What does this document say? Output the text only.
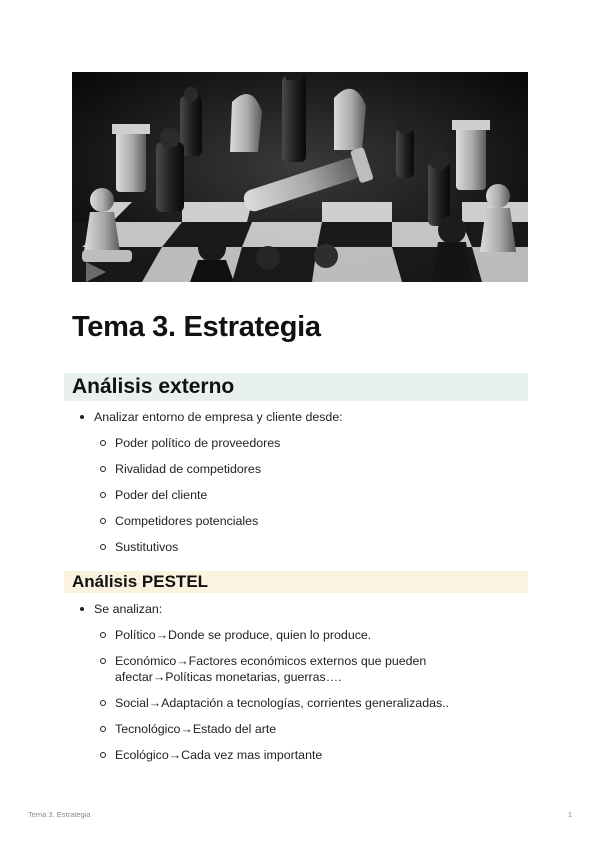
Tema 3. Estrategia
Análisis externo
Analizar entorno de empresa y cliente desde:
Poder político de proveedores
Rivalidad de competidores
Poder del cliente
Competidores potenciales
Sustitutivos
Análisis PESTEL
Se analizan:
Político→Donde se produce, quien lo produce.
Económico→Factores económicos externos que pueden afectar→Políticas monetarias, guerras….
Social→Adaptación a tecnologías, corrientes generalizadas..
Tecnológico→Estado del arte
Ecológico→Cada vez mas importante
Tema 3. Estrategia	1
